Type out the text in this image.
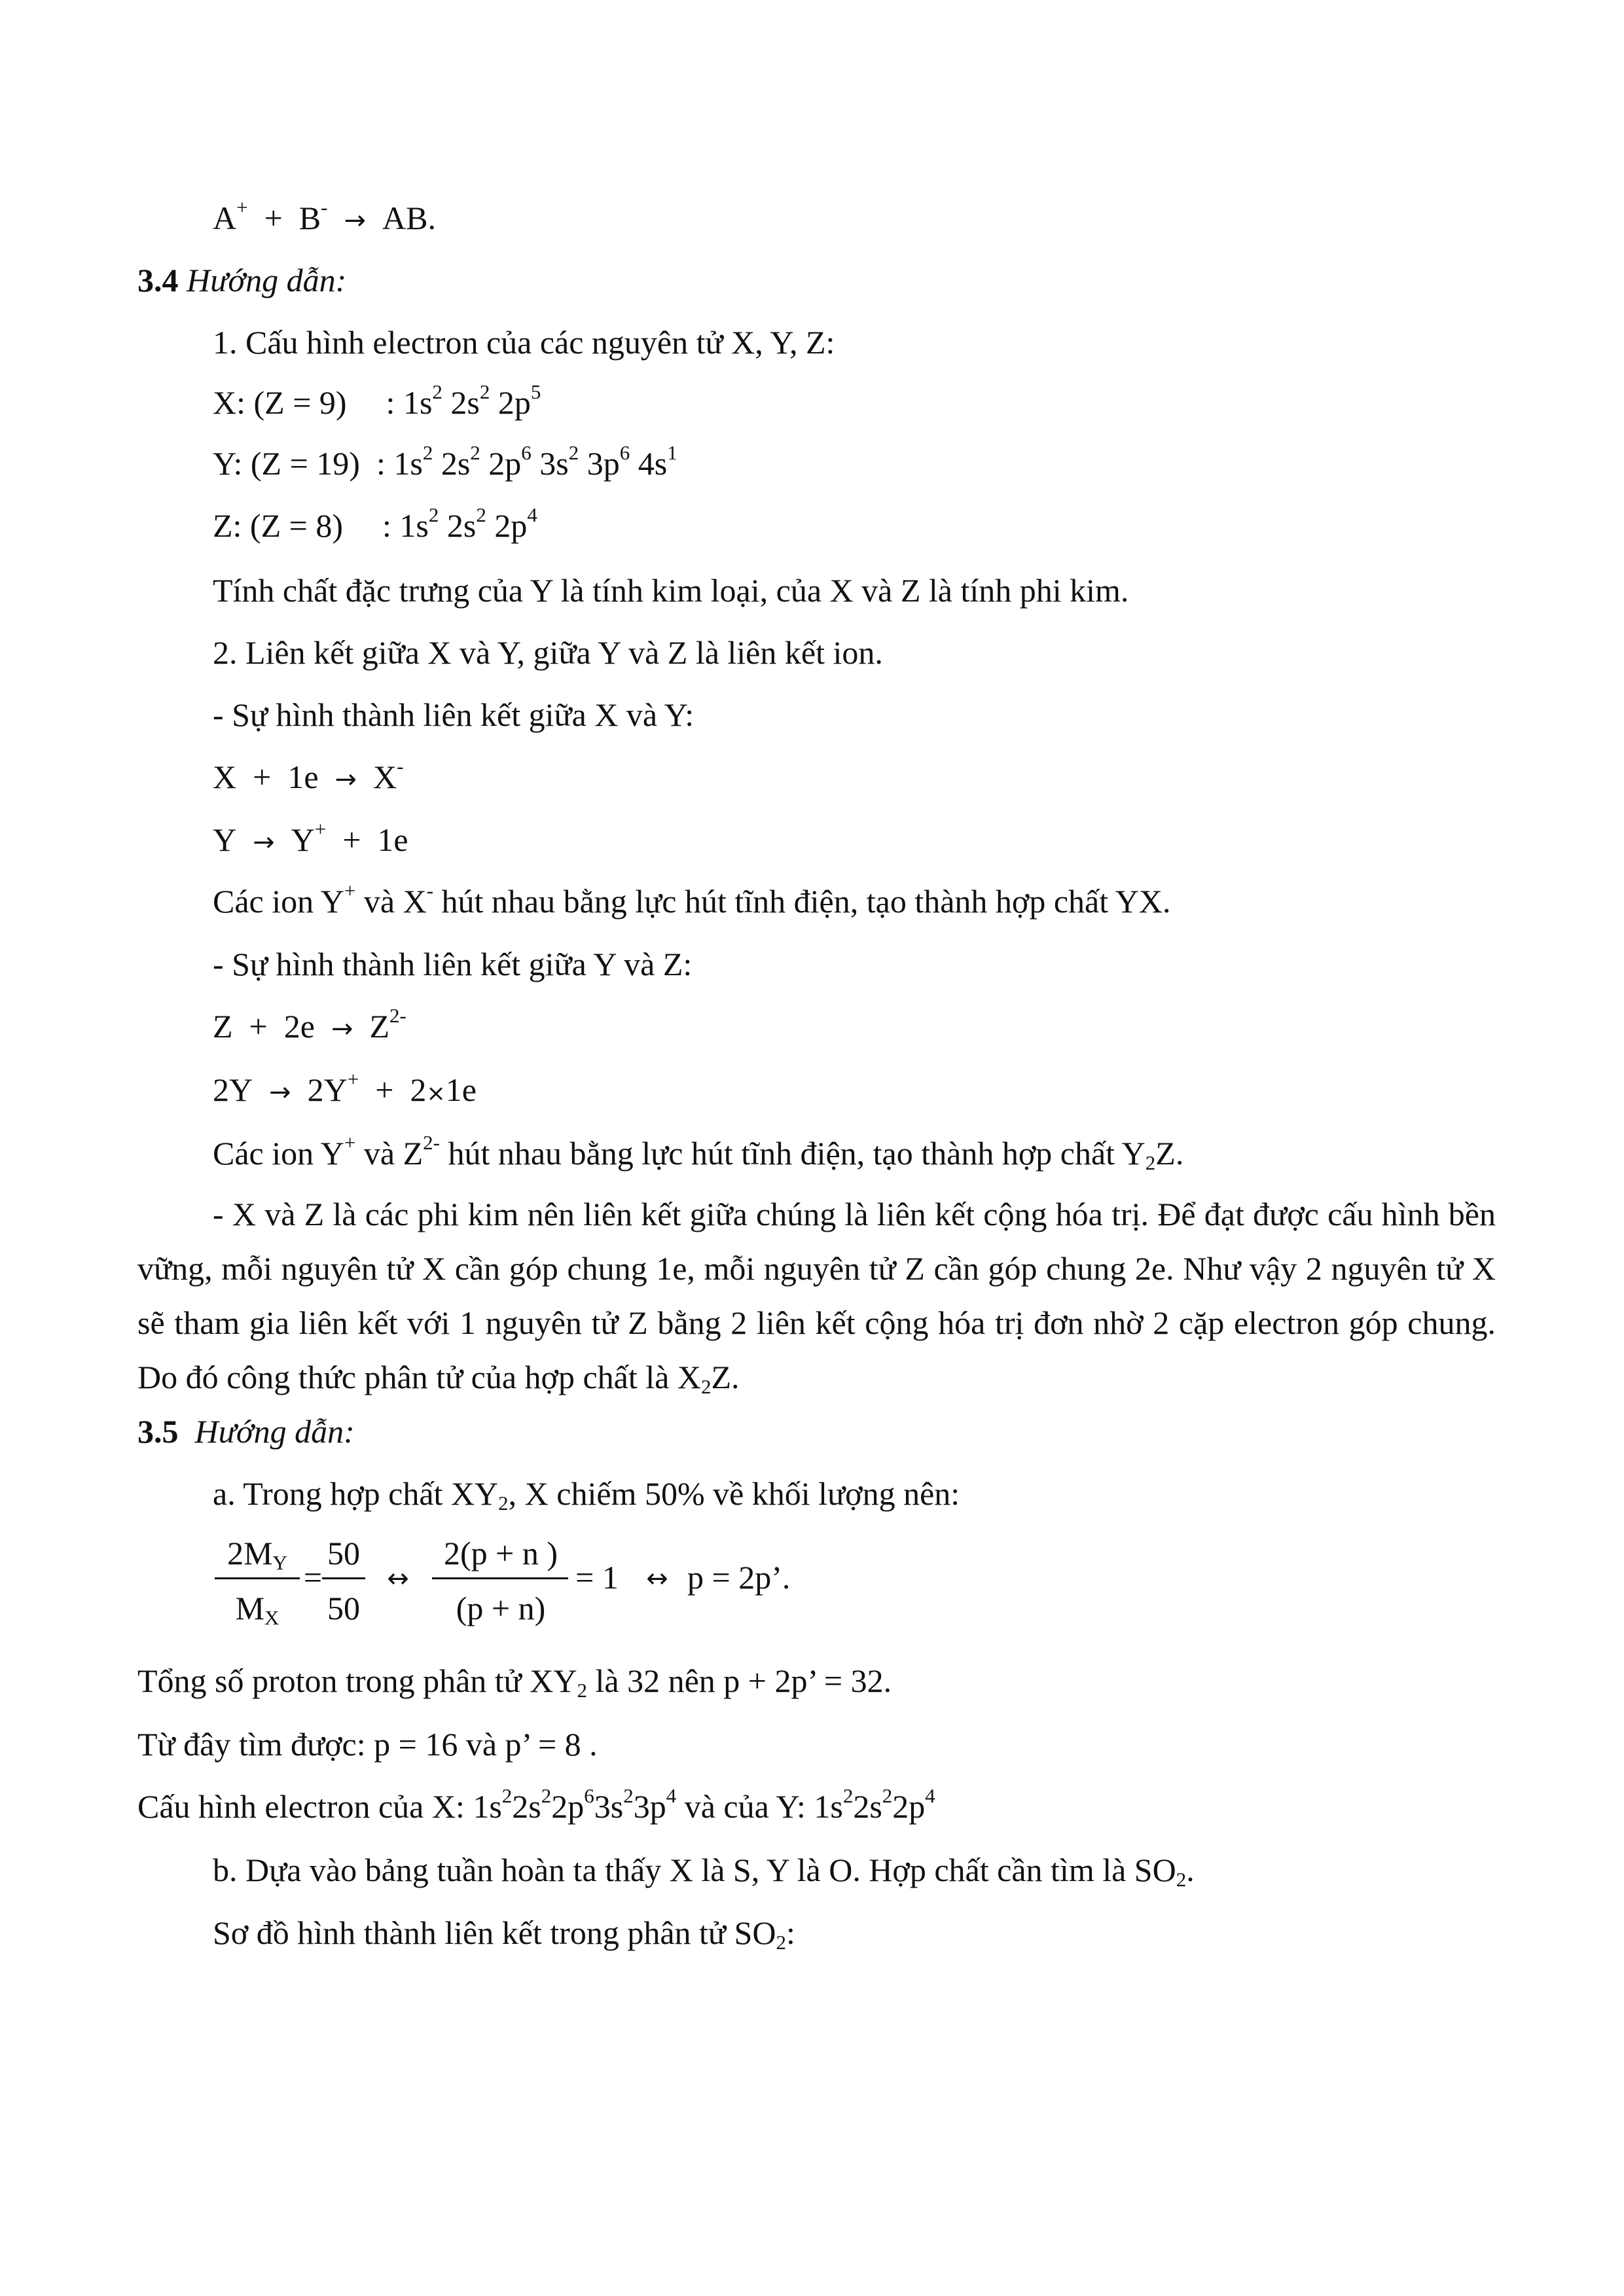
A+ + B- → AB.
3.4 Hướng dẫn:
1. Cấu hình electron của các nguyên tử X, Y, Z:
X: (Z = 9) : $1s^2$ $2s^2$ $2p^5$
Y: (Z = 19) : $1s^2$ $2s^2$ $2p^6$ $3s^2$ $3p^6$ $4s^1$
Z: (Z = 8) : $1s^2$ $2s^2$ $2p^4$
Tính chất đặc trưng của Y là tính kim loại, của X và Z là tính phi kim.
2. Liên kết giữa X và Y, giữa Y và Z là liên kết ion.
- Sự hình thành liên kết giữa X và Y:
X + 1e → X-
Y → Y+ + 1e
Các ion Y+ và X- hút nhau bằng lực hút tĩnh điện, tạo thành hợp chất YX.
- Sự hình thành liên kết giữa Y và Z:
$Z + 2e \to Z^{2-}$
2Y → 2Y+ + 2×1e
Các ion Y+ và $Z^{2-}$ hút nhau bằng lực hút tĩnh điện, tạo thành hợp chất $Y_2Z$.
- X và Z là các phi kim nên liên kết giữa chúng là liên kết cộng hóa trị. Để đạt được cấu hình bền vững, mỗi nguyên tử X cần góp chung 1e, mỗi nguyên tử Z cần góp chung 2e. Như vậy 2 nguyên tử X sẽ tham gia liên kết với 1 nguyên tử Z bằng 2 liên kết cộng hóa trị đơn nhờ 2 cặp electron góp chung. Do đó công thức phân tử của hợp chất là $X_2Z$.
3.5 Hướng dẫn:
a. Trong hợp chất $XY_2$, X chiếm 50% về khối lượng nên:
$2M_Y$
$M_X$
=
50
50
↔
2(p + n )
(p + n)
= 1	↔ p = 2p’.
Tổng số proton trong phân tử $XY_2$ là 32 nên p + 2p’ = 32.
Từ đây tìm được: p = 16 và p’ = 8 .
Cấu hình electron của X: $1s^22s^22p^63s^23p^4$ và của Y: $1s^22s^22p^4$
b. Dựa vào bảng tuần hoàn ta thấy X là S, Y là O. Hợp chất cần tìm là $SO_2$.
Sơ đồ hình thành liên kết trong phân tử $SO_2$:
